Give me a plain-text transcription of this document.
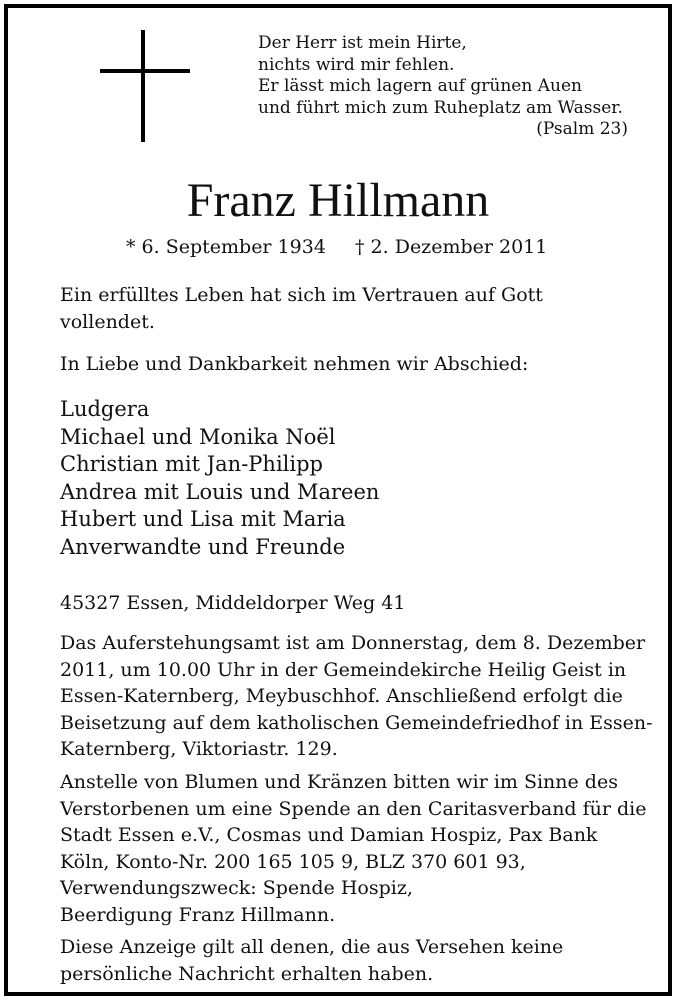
Der Herr ist mein Hirte,
nichts wird mir fehlen.
Er lässt mich lagern auf grünen Auen
und führt mich zum Ruheplatz am Wasser.
(Psalm 23)
Franz Hillmann
* 6. September 1934 † 2. Dezember 2011
Ein erfülltes Leben hat sich im Vertrauen auf Gott
vollendet.
In Liebe und Dankbarkeit nehmen wir Abschied:
Ludgera
Michael und Monika Noël
Christian mit Jan-Philipp
Andrea mit Louis und Mareen
Hubert und Lisa mit Maria
Anverwandte und Freunde
45327 Essen, Middeldorper Weg 41
Das Auferstehungsamt ist am Donnerstag, dem 8. Dezember
2011, um 10.00 Uhr in der Gemeindekirche Heilig Geist in
Essen-Katernberg, Meybuschhof. Anschließend erfolgt die
Beisetzung auf dem katholischen Gemeindefriedhof in Essen-
Katernberg, Viktoriastr. 129.
Anstelle von Blumen und Kränzen bitten wir im Sinne des
Verstorbenen um eine Spende an den Caritasverband für die
Stadt Essen e.V., Cosmas und Damian Hospiz, Pax Bank
Köln, Konto-Nr. 200 165 105 9, BLZ 370 601 93,
Verwendungszweck: Spende Hospiz,
Beerdigung Franz Hillmann.
Diese Anzeige gilt all denen, die aus Versehen keine
persönliche Nachricht erhalten haben.
